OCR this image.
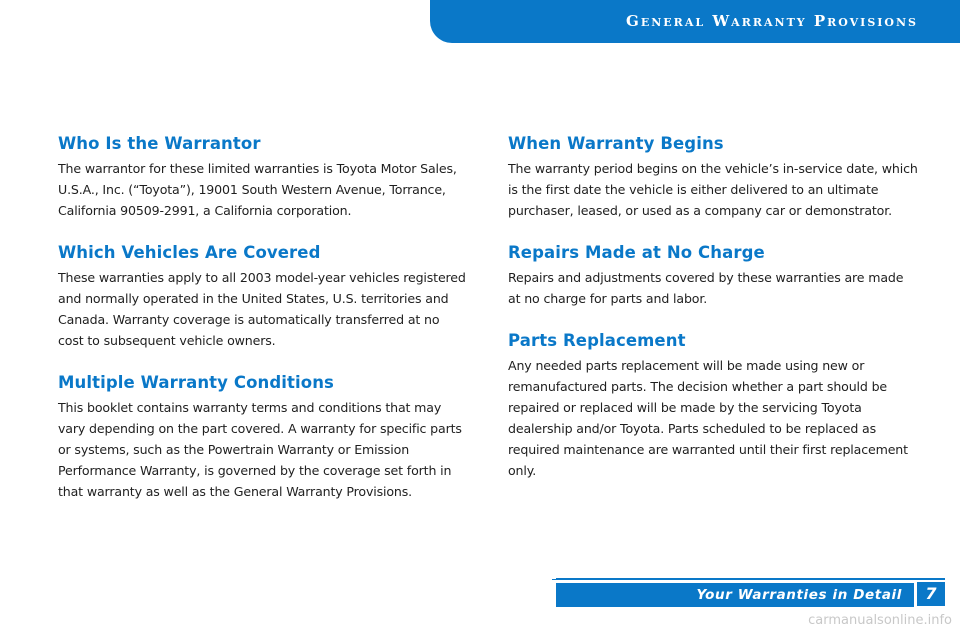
General Warranty Provisions
Who Is the Warrantor

The warrantor for these limited warranties is Toyota Motor Sales, U.S.A., Inc. (“Toyota”), 19001 South Western Avenue, Torrance, California 90509-2991, a California corporation.

Which Vehicles Are Covered

These warranties apply to all 2003 model-year vehicles registered and normally operated in the United States, U.S. territories and Canada. Warranty coverage is automatically transferred at no cost to subsequent vehicle owners.

Multiple Warranty Conditions

This booklet contains warranty terms and conditions that may vary depending on the part covered. A warranty for specific parts or systems, such as the Powertrain Warranty or Emission Performance Warranty, is governed by the coverage set forth in that warranty as well as the General Warranty Provisions.

When Warranty Begins

The warranty period begins on the vehicle’s in-service date, which is the first date the vehicle is either delivered to an ultimate purchaser, leased, or used as a company car or demonstrator.

Repairs Made at No Charge

Repairs and adjustments covered by these warranties are made at no charge for parts and labor.

Parts Replacement

Any needed parts replacement will be made using new or remanufactured parts. The decision whether a part should be repaired or replaced will be made by the servicing Toyota dealership and/or Toyota. Parts scheduled to be replaced as required maintenance are warranted until their first replacement only.

Your Warranties in Detail	7
carmanualsonline.info
